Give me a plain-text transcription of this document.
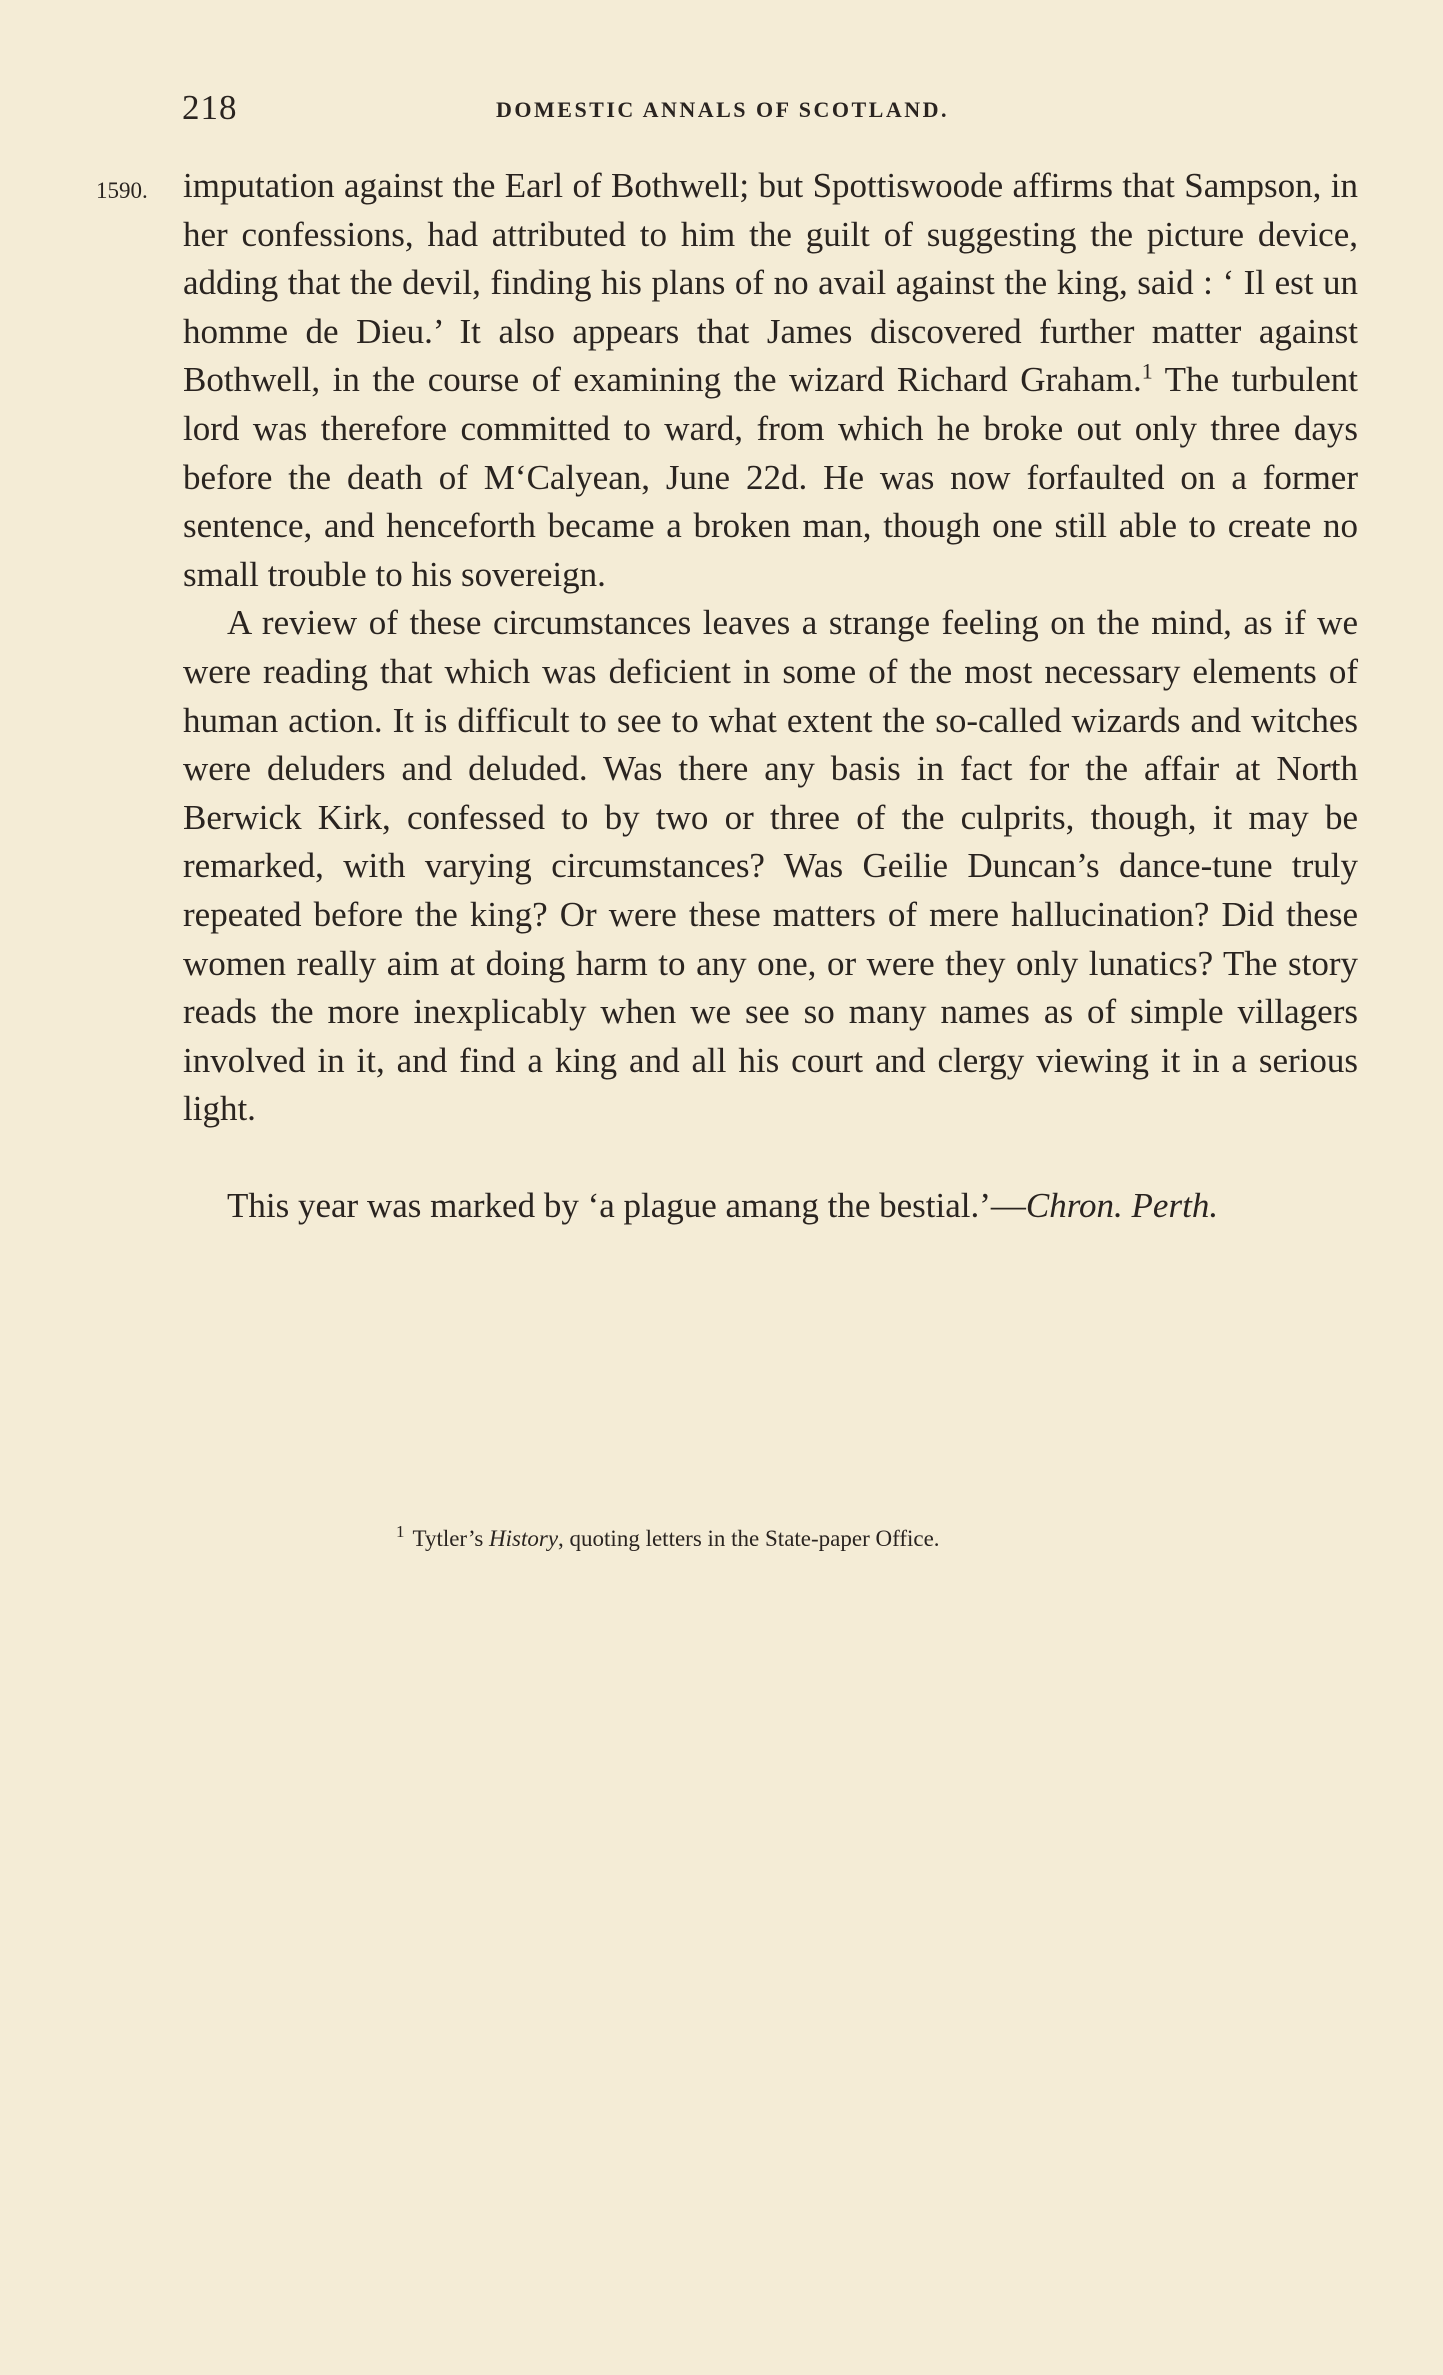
218	DOMESTIC ANNALS OF SCOTLAND.
1590. imputation against the Earl of Bothwell; but Spottiswoode affirms that Sampson, in her confessions, had attributed to him the guilt of suggesting the picture device, adding that the devil, finding his plans of no avail against the king, said : ‘ Il est un homme de Dieu.’ It also appears that James discovered further matter against Bothwell, in the course of examining the wizard Richard Graham.$^1$ The turbulent lord was therefore committed to ward, from which he broke out only three days before the death of M‘Calyean, June 22d. He was now forfaulted on a former sentence, and henceforth became a broken man, though one still able to create no small trouble to his sovereign.

A review of these circumstances leaves a strange feeling on the mind, as if we were reading that which was deficient in some of the most necessary elements of human action. It is difficult to see to what extent the so-called wizards and witches were deluders and deluded. Was there any basis in fact for the affair at North Berwick Kirk, confessed to by two or three of the culprits, though, it may be remarked, with varying circumstances? Was Geilie Duncan’s dance-tune truly repeated before the king? Or were these matters of mere hallucination? Did these women really aim at doing harm to any one, or were they only lunatics? The story reads the more inexplicably when we see so many names as of simple villagers involved in it, and find a king and all his court and clergy viewing it in a serious light.

This year was marked by ‘a plague amang the bestial.’—Chron. Perth.

$^1$ Tytler’s History, quoting letters in the State-paper Office.
